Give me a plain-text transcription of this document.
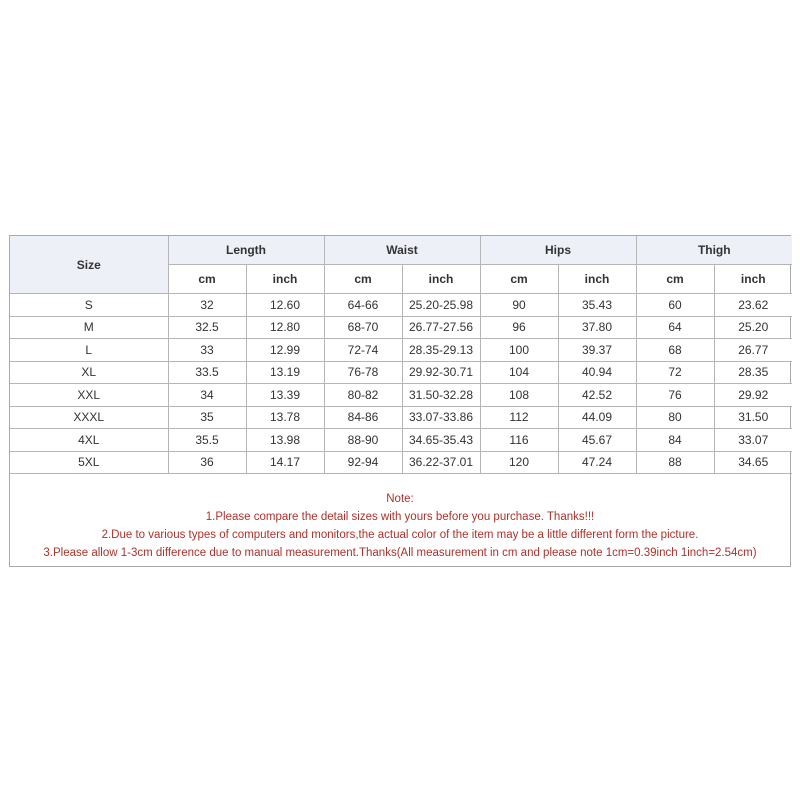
Size	Length		Waist		Hips		Thigh	
	cm	inch	cm	inch	cm	inch	cm	inch
S	32	12.60	64-66	25.20-25.98	90	35.43	60	23.62
M	32.5	12.80	68-70	26.77-27.56	96	37.80	64	25.20
L	33	12.99	72-74	28.35-29.13	100	39.37	68	26.77
XL	33.5	13.19	76-78	29.92-30.71	104	40.94	72	28.35
XXL	34	13.39	80-82	31.50-32.28	108	42.52	76	29.92
XXXL	35	13.78	84-86	33.07-33.86	112	44.09	80	31.50
4XL	35.5	13.98	88-90	34.65-35.43	116	45.67	84	33.07
5XL	36	14.17	92-94	36.22-37.01	120	47.24	88	34.65
Note:
1.Please compare the detail sizes with yours before you purchase. Thanks!!!
2.Due to various types of computers and monitors,the actual color of the item may be a little different form the picture.
3.Please allow 1-3cm difference due to manual measurement.Thanks(All measurement in cm and please note 1cm=0.39inch 1inch=2.54cm)
